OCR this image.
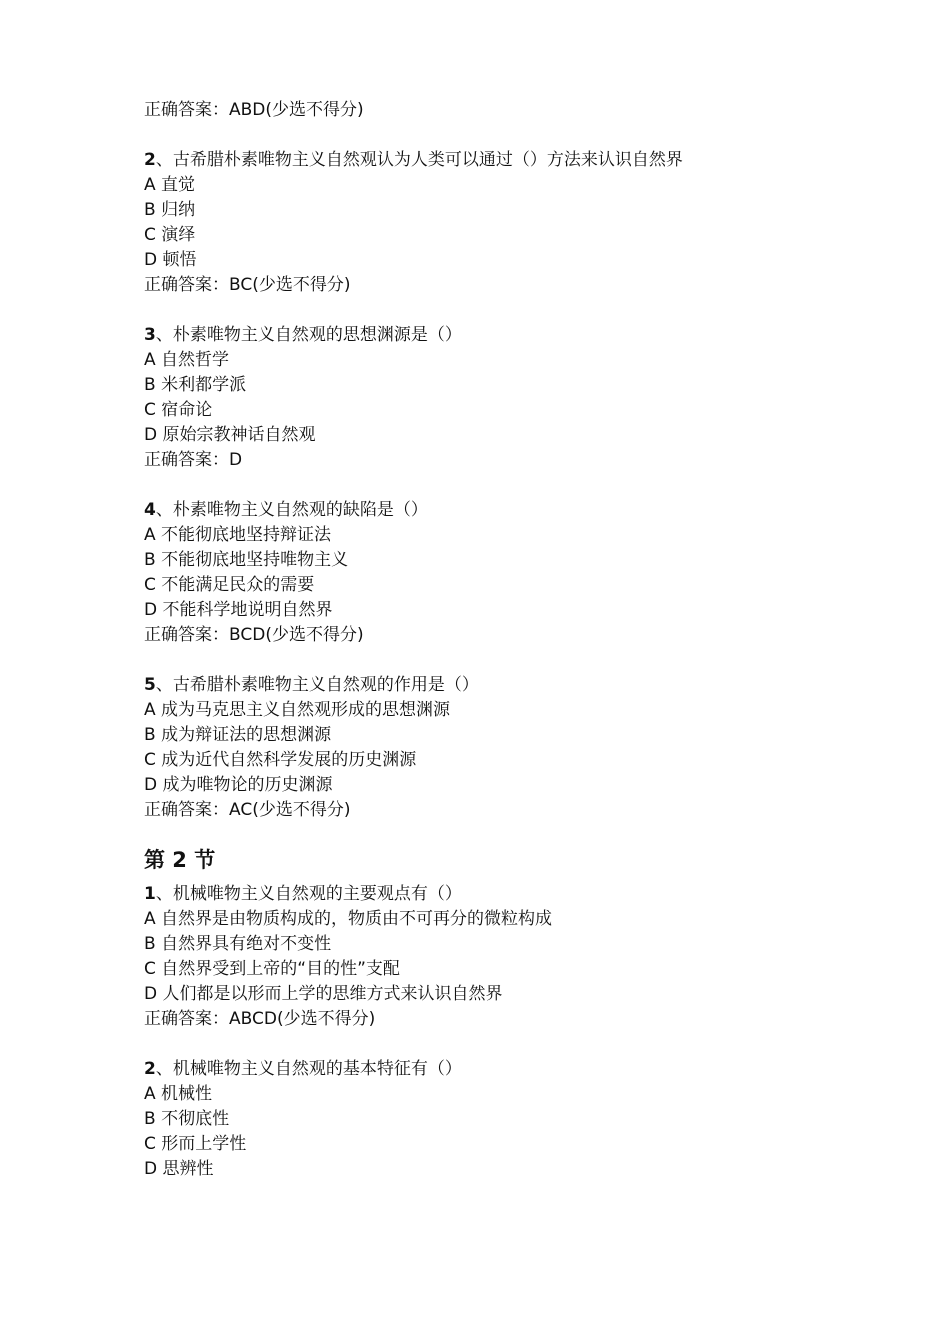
正确答案：ABD(少选不得分)
2、古希腊朴素唯物主义自然观认为人类可以通过（）方法来认识自然界
A 直觉
B 归纳
C 演绎
D 顿悟
正确答案：BC(少选不得分)
3、朴素唯物主义自然观的思想渊源是（）
A 自然哲学
B 米利都学派
C 宿命论
D 原始宗教神话自然观
正确答案：D
4、朴素唯物主义自然观的缺陷是（）
A 不能彻底地坚持辩证法
B 不能彻底地坚持唯物主义
C 不能满足民众的需要
D 不能科学地说明自然界
正确答案：BCD(少选不得分)
5、古希腊朴素唯物主义自然观的作用是（）
A 成为马克思主义自然观形成的思想渊源
B 成为辩证法的思想渊源
C 成为近代自然科学发展的历史渊源
D 成为唯物论的历史渊源
正确答案：AC(少选不得分)
第 2 节
1、机械唯物主义自然观的主要观点有（）
A 自然界是由物质构成的，物质由不可再分的微粒构成
B 自然界具有绝对不变性
C 自然界受到上帝的“目的性”支配
D 人们都是以形而上学的思维方式来认识自然界
正确答案：ABCD(少选不得分)
2、机械唯物主义自然观的基本特征有（）
A 机械性
B 不彻底性
C 形而上学性
D 思辨性
